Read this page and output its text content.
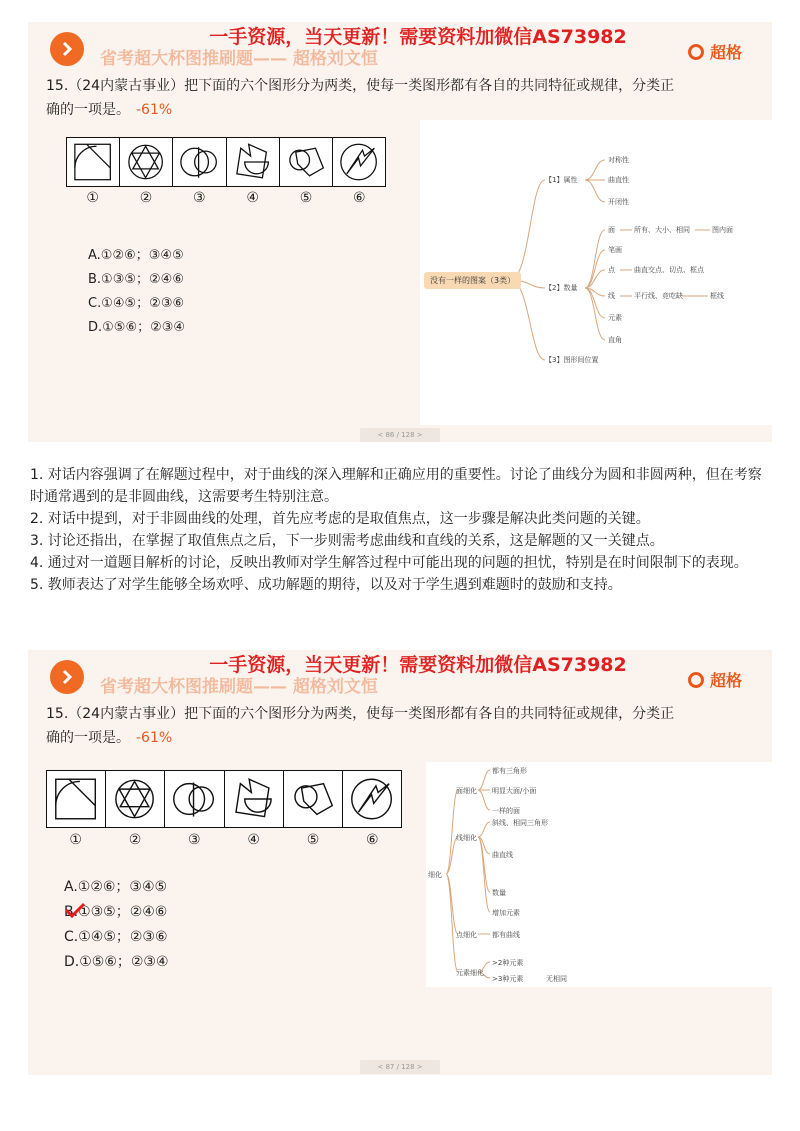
省考超大杯图推刷题—— 超格刘文恒
一手资源，当天更新！需要资料加微信AS73982
超格
15.（24内蒙古事业）把下面的六个图形分为两类，使每一类图形都有各自的共同特征或规律，分类正
确的一项是。 -61%
①	②	③	④	⑤	⑥
A.①②⑥；③④⑤
B.①③⑤；②④⑥
C.①④⑤；②③⑥
D.①⑤⑥；②③④
没有一样的图案（3类）
【1】属性
对称性
曲直性
开闭性
【2】数量
面	所有、大小、相同	图内面
笔画
点	曲直交点、切点、框点
线	平行线、竞吃缺	框线
元素
直角
【3】图形间位置
< 86 / 128 >

1. 对话内容强调了在解题过程中，对于曲线的深入理解和正确应用的重要性。讨论了曲线分为圆和非圆两种，但在考察时通常遇到的是非圆曲线，这需要考生特别注意。

2. 对话中提到，对于非圆曲线的处理，首先应考虑的是取值焦点，这一步骤是解决此类问题的关键。

3. 讨论还指出，在掌握了取值焦点之后，下一步则需考虑曲线和直线的关系，这是解题的又一关键点。

4. 通过对一道题目解析的讨论，反映出教师对学生解答过程中可能出现的问题的担忧，特别是在时间限制下的表现。

5. 教师表达了对学生能够全场欢呼、成功解题的期待，以及对于学生遇到难题时的鼓励和支持。

省考超大杯图推刷题—— 超格刘文恒
一手资源，当天更新！需要资料加微信AS73982
超格
15.（24内蒙古事业）把下面的六个图形分为两类，使每一类图形都有各自的共同特征或规律，分类正
确的一项是。 -61%
①	②	③	④	⑤	⑥
A.①②⑥；③④⑤
B.①③⑤；②④⑥
C.①④⑤；②③⑥
D.①⑤⑥；②③④
细化
面细化
都有三角形
明显大面/小面
一样的面
线细化
斜线、相同三角形
曲直线
数量
增加元素
点细化 都有曲线
元素细化
>2种元素
>3种元素	无相同
< 87 / 128 >
